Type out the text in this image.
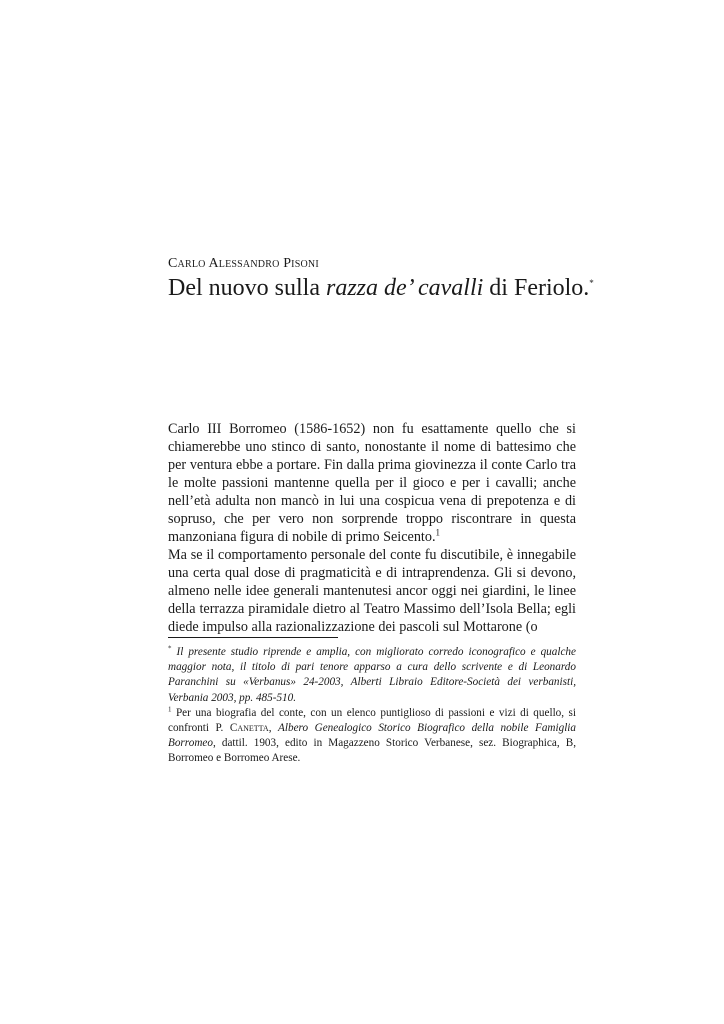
Carlo Alessandro Pisoni
Del nuovo sulla razza de’ cavalli di Feriolo.*

Carlo III Borromeo (1586-1652) non fu esattamente quello che si chiamerebbe uno stinco di santo, nonostante il nome di battesimo che per ventura ebbe a portare. Fin dalla prima giovinezza il conte Carlo tra le molte passioni mantenne quella per il gioco e per i cavalli; anche nell’età adulta non mancò in lui una cospicua vena di prepotenza e di sopruso, che per vero non sorprende troppo riscontrare in questa manzoniana figura di nobile di primo Seicento.$^1$

Ma se il comportamento personale del conte fu discutibile, è innegabile una certa qual dose di pragmaticità e di intraprendenza. Gli si devono, almeno nelle idee generali mantenutesi ancor oggi nei giardini, le linee della terrazza piramidale dietro al Teatro Massimo dell’Isola Bella; egli diede impulso alla razionalizzazione dei pascoli sul Mottarone (o

* Il presente studio riprende e amplia, con migliorato corredo iconografico e qualche maggior nota, il titolo di pari tenore apparso a cura dello scrivente e di Leonardo Paranchini su «Verbanus» 24-2003, Alberti Libraio Editore-Società dei verbanisti, Verbania 2003, pp. 485-510.

$^1$ Per una biografia del conte, con un elenco puntiglioso di passioni e vizi di quello, si confronti P. Canetta, Albero Genealogico Storico Biografico della nobile Famiglia Borromeo, dattil. 1903, edito in Magazzeno Storico Verbanese, sez. Biographica, B, Borromeo e Borromeo Arese.
